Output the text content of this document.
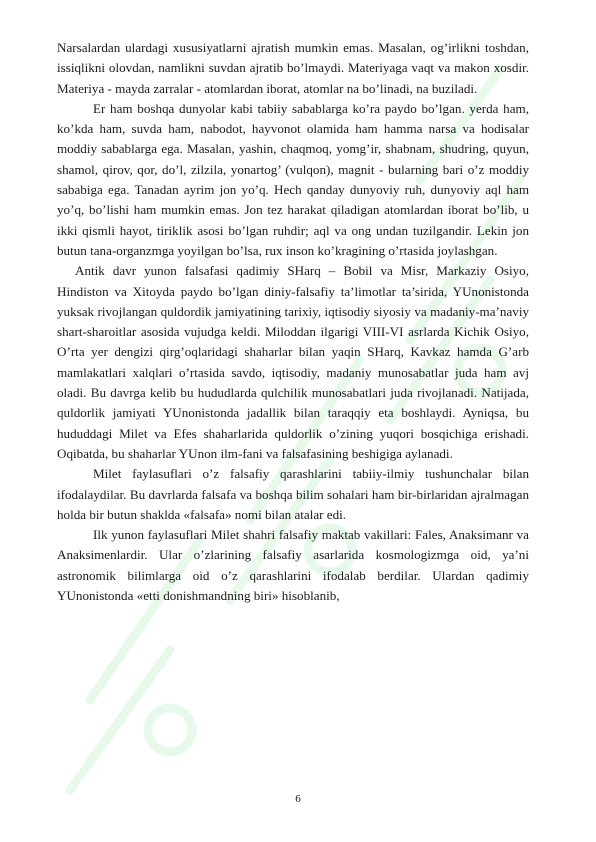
Narsalardan ulardagi xususiyatlarni ajratish mumkin emas. Masalan, og’irlikni toshdan, issiqlikni olovdan, namlikni suvdan ajratib bo’lmaydi. Materiyaga vaqt va makon xosdir. Materiya - mayda zarralar - atomlardan iborat, atomlar na bo’linadi, na buziladi.

Er ham boshqa dunyolar kabi tabiiy sabablarga ko’ra paydo bo’lgan. yerda ham, ko’kda ham, suvda ham, nabodot, hayvonot olamida ham hamma narsa va hodisalar moddiy sabablarga ega. Masalan, yashin, chaqmoq, yomg’ir, shabnam, shudring, quyun, shamol, qirov, qor, do’l, zilzila, yonartog’ (vulqon), magnit - bularning bari o’z moddiy sababiga ega. Tanadan ayrim jon yo’q. Hech qanday dunyoviy ruh, dunyoviy aql ham yo’q, bo’lishi ham mumkin emas. Jon tez harakat qiladigan atomlardan iborat bo’lib, u ikki qismli hayot, tiriklik asosi bo’lgan ruhdir; aql va ong undan tuzilgandir. Lekin jon butun tana-organzmga yoyilgan bo’lsa, rux inson ko’kragining o’rtasida joylashgan.

Antik davr yunon falsafasi qadimiy SHarq – Bobil va Misr, Markaziy Osiyo, Hindiston va Xitoyda paydo bo’lgan diniy-falsafiy ta’limotlar ta’sirida, YUnonistonda yuksak rivojlangan quldordik jamiyatining tarixiy, iqtisodiy siyosiy va madaniy-ma’naviy shart-sharoitlar asosida vujudga keldi. Miloddan ilgarigi VIII-VI asrlarda Kichik Osiyo, O’rta yer dengizi qirg’oqlaridagi shaharlar bilan yaqin SHarq, Kavkaz hamda G’arb mamlakatlari xalqlari o’rtasida savdo, iqtisodiy, madaniy munosabatlar juda ham avj oladi. Bu davrga kelib bu hududlarda qulchilik munosabatlari juda rivojlanadi. Natijada, quldorlik jamiyati YUnonistonda jadallik bilan taraqqiy eta boshlaydi. Ayniqsa, bu hududdagi Milet va Efes shaharlarida quldorlik o’zining yuqori bosqichiga erishadi. Oqibatda, bu shaharlar YUnon ilm-fani va falsafasining beshigiga aylanadi.

Milet faylasuflari o’z falsafiy qarashlarini tabiiy-ilmiy tushunchalar bilan ifodalaydilar. Bu davrlarda falsafa va boshqa bilim sohalari ham bir-birlaridan ajralmagan holda bir butun shaklda «falsafa» nomi bilan atalar edi.

Ilk yunon faylasuflari Milet shahri falsafiy maktab vakillari: Fales, Anaksimanr va Anaksimenlardir. Ular o’zlarining falsafiy asarlarida kosmologizmga oid, ya’ni astronomik bilimlarga oid o’z qarashlarini ifodalab berdilar. Ulardan qadimiy YUnonistonda «etti donishmandning biri» hisoblanib,

6
